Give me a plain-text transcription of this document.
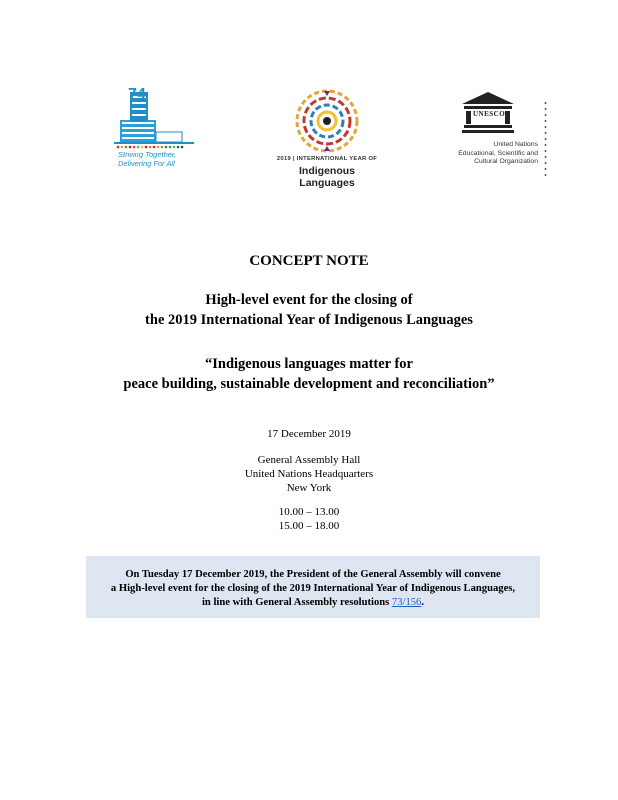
74
Striving Together,
Delivering For All	2019 | INTERNATIONAL YEAR OF
Indigenous Languages
UNESCO
United Nations
Educational, Scientific and
Cultural Organization
CONCEPT NOTE
High-level event for the closing of
the 2019 International Year of Indigenous Languages
“Indigenous languages matter for
peace building, sustainable development and reconciliation”
17 December 2019
General Assembly Hall
United Nations Headquarters
New York
10.00 – 13.00
15.00 – 18.00
On Tuesday 17 December 2019, the President of the General Assembly will convene
a High-level event for the closing of the 2019 International Year of Indigenous Languages,
in line with General Assembly resolutions 73/156.
